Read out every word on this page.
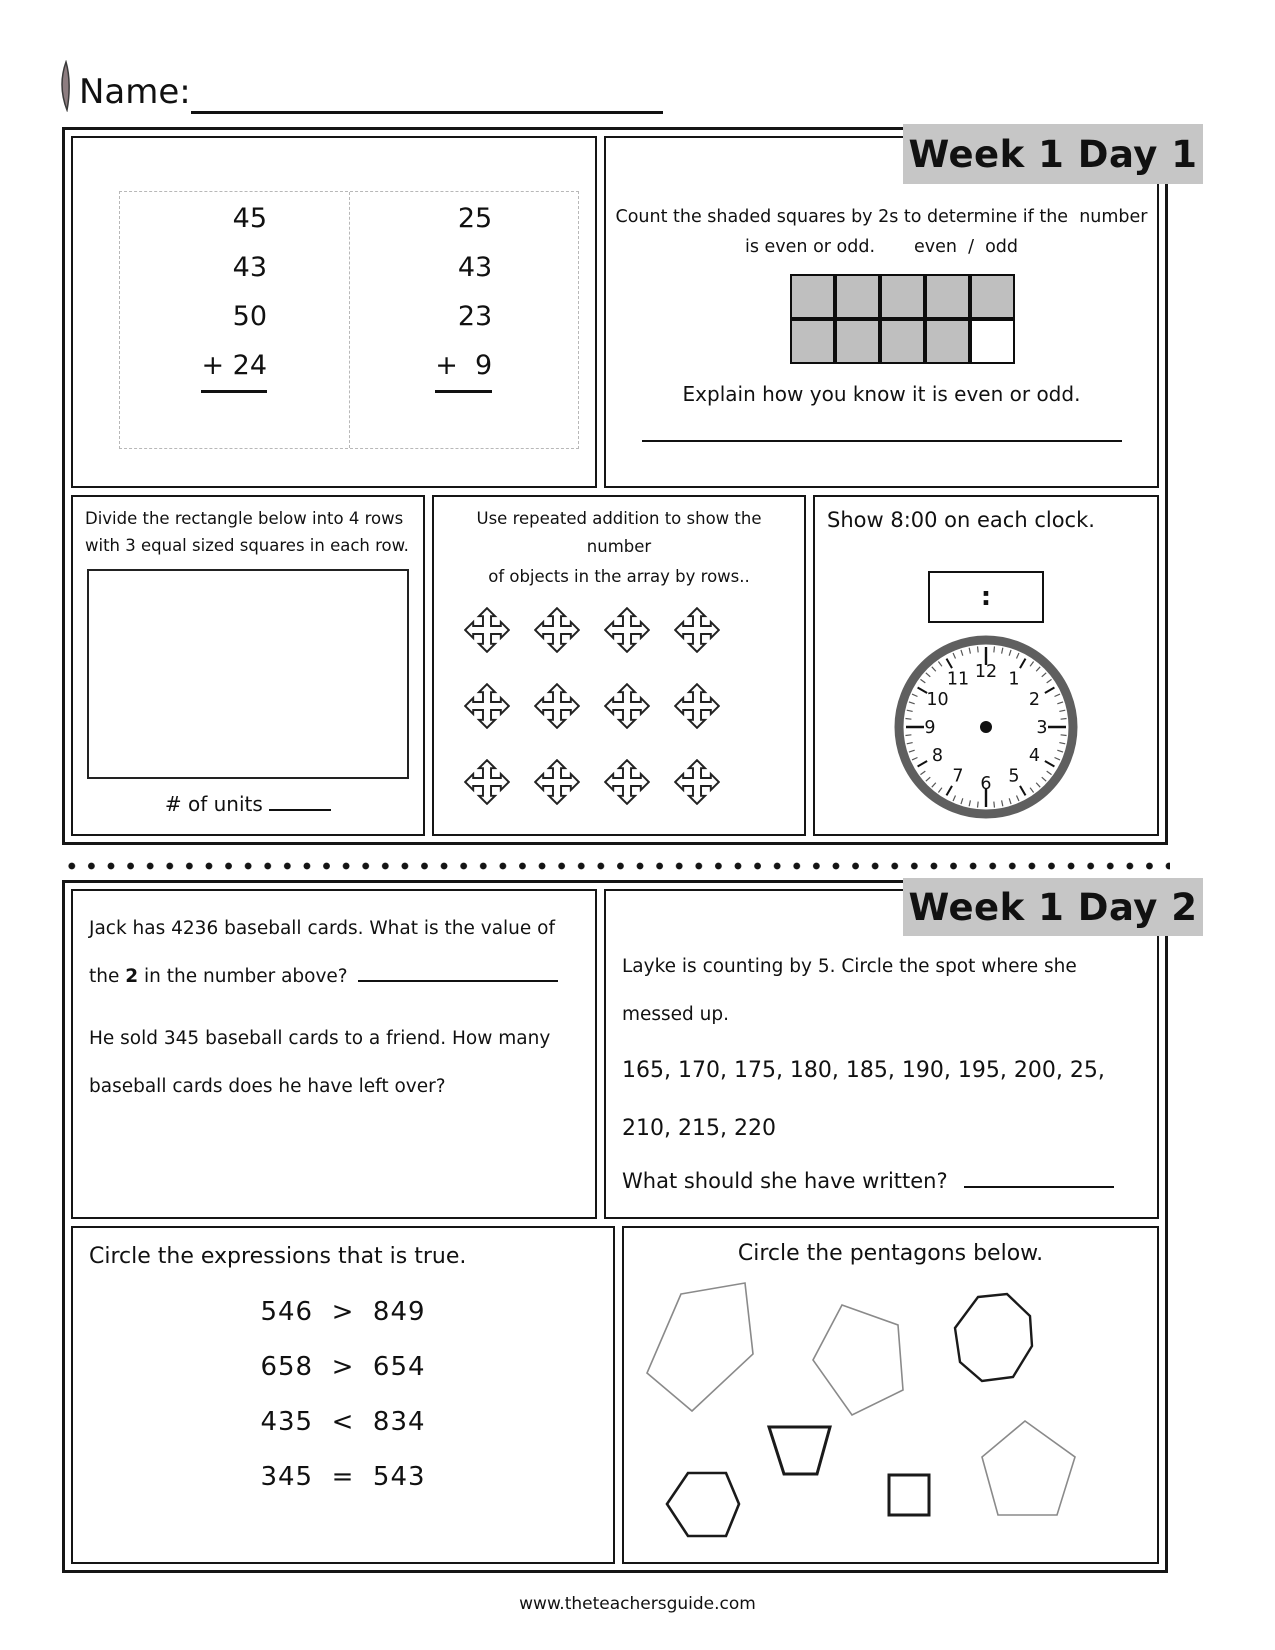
Name:
Week 1 Day 1
45
43
50
+ 24
25
43
23
+  9
Count the shaded squares by 2s to determine if the  number
is even or odd.       even  /  odd
Explain how you know it is even or odd.
Divide the rectangle below into 4 rows
with 3 equal sized squares in each row.
# of units
Use repeated addition to show the number
of objects in the array by rows..
Show 8:00 on each clock.
:
12 1
2
3
4
5
6
7
8
9
10
11
Week 1 Day 2
Jack has 4236 baseball cards. What is the value of
the 2 in the number above?
He sold 345 baseball cards to a friend. How many
baseball cards does he have left over?
Layke is counting by 5. Circle the spot where she
messed up.
165, 170, 175, 180, 185, 190, 195, 200, 25,
210, 215, 220
What should she have written?
Circle the expressions that is true.
546  >  849
658  >  654
435  <  834
345  =  543
Circle the pentagons below.
www.theteachersguide.com
